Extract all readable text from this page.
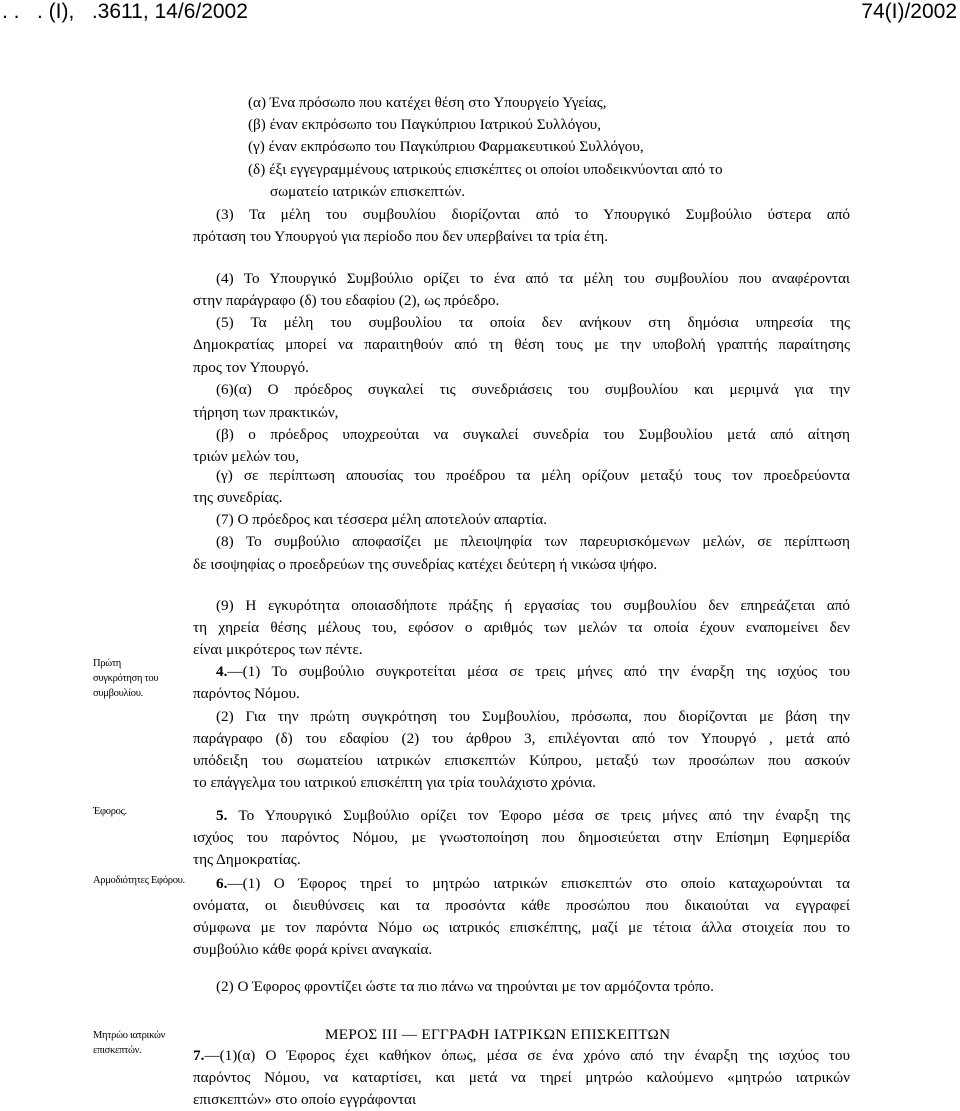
. .   . (I),   .3611, 14/6/2002	74(I)/2002
(α) Ένα πρόσωπο που κατέχει θέση στο Υπουργείο Υγείας,
(β) έναν εκπρόσωπο του Παγκύπριου Ιατρικού Συλλόγου,
(γ) έναν εκπρόσωπο του Παγκύπριου Φαρμακευτικού Συλλόγου,
(δ) έξι εγγεγραμμένους ιατρικούς επισκέπτες οι οποίοι υποδεικνύονται από το
σωματείο ιατρικών επισκεπτών.
(3) Τα μέλη του συμβουλίου διορίζονται από το Υπουργικό Συμβούλιο ύστερα από
πρόταση του Υπουργού για περίοδο που δεν υπερβαίνει τα τρία έτη.
(4) Το Υπουργικό Συμβούλιο ορίζει το ένα από τα μέλη του συμβουλίου που αναφέρονται
στην παράγραφο (δ) του εδαφίου (2), ως πρόεδρο.
(5) Τα μέλη του συμβουλίου τα οποία δεν ανήκουν στη δημόσια υπηρεσία της
Δημοκρατίας μπορεί να παραιτηθούν από τη θέση τους με την υποβολή γραπτής παραίτησης
προς τον Υπουργό.
(6)(α) Ο πρόεδρος συγκαλεί τις συνεδριάσεις του συμβουλίου και μεριμνά για την
τήρηση των πρακτικών,
(β) ο πρόεδρος υποχρεούται να συγκαλεί συνεδρία του Συμβουλίου μετά από αίτηση
τριών μελών του,
(γ) σε περίπτωση απουσίας του προέδρου τα μέλη ορίζουν μεταξύ τους τον προεδρεύοντα
της συνεδρίας.
(7) Ο πρόεδρος και τέσσερα μέλη αποτελούν απαρτία.
(8) Το συμβούλιο αποφασίζει με πλειοψηφία των παρευρισκόμενων μελών, σε περίπτωση
δε ισοψηφίας ο προεδρεύων της συνεδρίας κατέχει δεύτερη ή νικώσα ψήφο.
(9) Η εγκυρότητα οποιασδήποτε πράξης ή εργασίας του συμβουλίου δεν επηρεάζεται από
τη χηρεία θέσης μέλους του, εφόσον ο αριθμός των μελών τα οποία έχουν εναπομείνει δεν
είναι μικρότερος των πέντε.
4.—(1) Το συμβούλιο συγκροτείται μέσα σε τρεις μήνες από την έναρξη της ισχύος του
παρόντος Νόμου.
(2) Για την πρώτη συγκρότηση του Συμβουλίου, πρόσωπα, που διορίζονται με βάση την
παράγραφο (δ) του εδαφίου (2) του άρθρου 3, επιλέγονται από τον Υπουργό , μετά από
υπόδειξη του σωματείου ιατρικών επισκεπτών Κύπρου, μεταξύ των προσώπων που ασκούν
το επάγγελμα του ιατρικού επισκέπτη για τρία τουλάχιστο χρόνια.
5. Το Υπουργικό Συμβούλιο ορίζει τον Έφορο μέσα σε τρεις μήνες από την έναρξη της
ισχύος του παρόντος Νόμου, με γνωστοποίηση που δημοσιεύεται στην Επίσημη Εφημερίδα
της Δημοκρατίας.
6.—(1) Ο Έφορος τηρεί το μητρώο ιατρικών επισκεπτών στο οποίο καταχωρούνται τα
ονόματα, οι διευθύνσεις και τα προσόντα κάθε προσώπου που δικαιούται να εγγραφεί
σύμφωνα με τον παρόντα Νόμο ως ιατρικός επισκέπτης, μαζί με τέτοια άλλα στοιχεία που το
συμβούλιο κάθε φορά κρίνει αναγκαία.
(2) Ο Έφορος φροντίζει ώστε τα πιο πάνω να τηρούνται με τον αρμόζοντα τρόπο.
7.—(1)(α) Ο Έφορος έχει καθήκον όπως, μέσα σε ένα χρόνο από την έναρξη της ισχύος του
παρόντος Νόμου, να καταρτίσει, και μετά να τηρεί μητρώο καλούμενο «μητρώο ιατρικών
επισκεπτών» στο οποίο εγγράφονται
Πρώτη
συγκρότηση του
συμβουλίου.
Έφορος.
Αρμοδιότητες Εφόρου.
Μητρώο ιατρικών
επισκεπτών.
ΜΕΡΟΣ ΙΙΙ — ΕΓΓΡΑΦΗ ΙΑΤΡΙΚΩΝ ΕΠΙΣΚΕΠΤΩΝ
